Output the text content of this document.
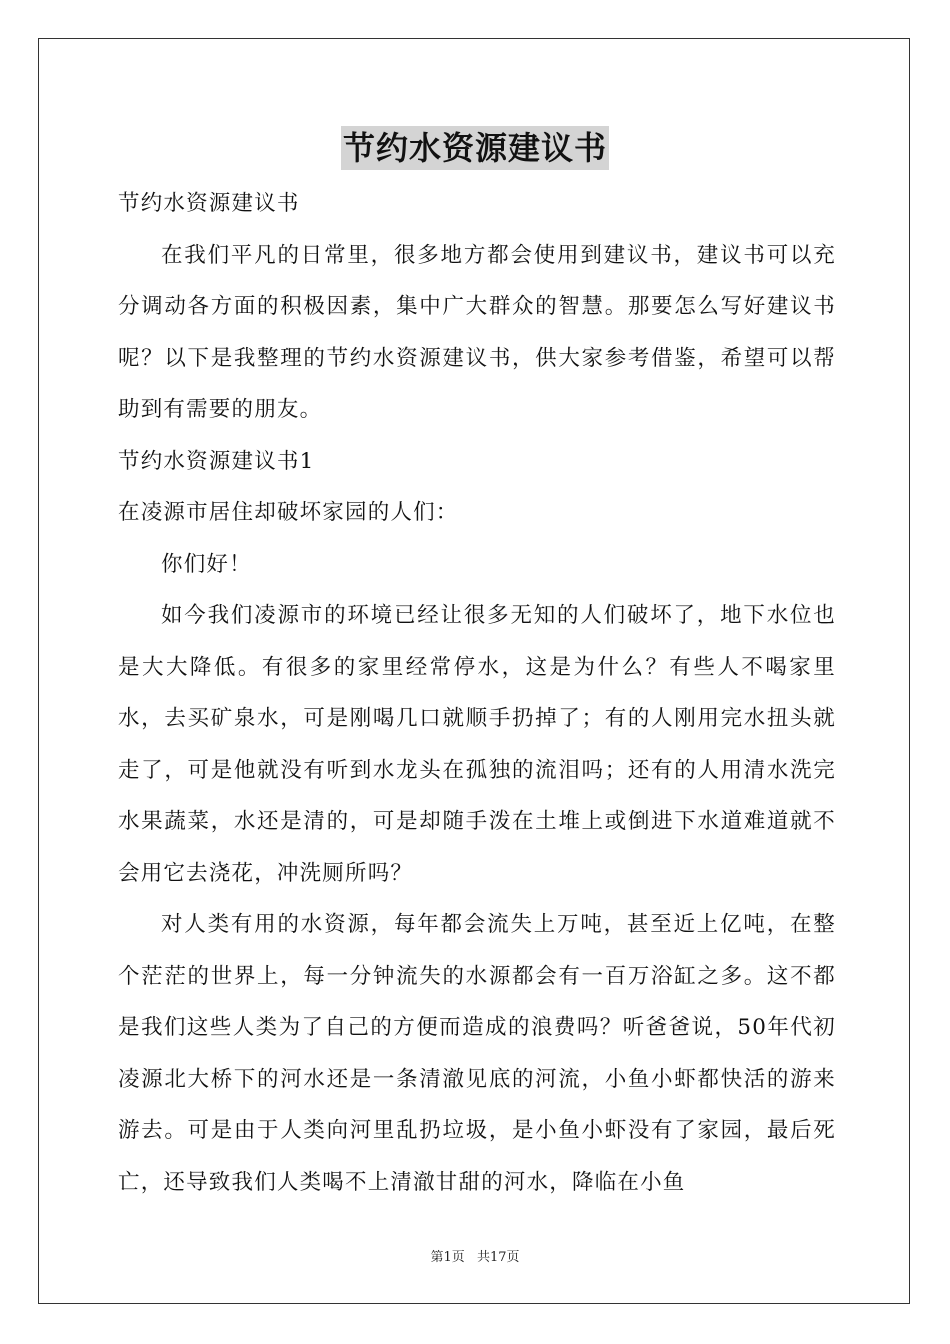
节约水资源建议书

节约水资源建议书

在我们平凡的日常里，很多地方都会使用到建议书，建议书可以充分调动各方面的积极因素，集中广大群众的智慧。那要怎么写好建议书呢？以下是我整理的节约水资源建议书，供大家参考借鉴，希望可以帮助到有需要的朋友。

节约水资源建议书1

在凌源市居住却破坏家园的人们：

你们好！

如今我们凌源市的环境已经让很多无知的人们破坏了，地下水位也是大大降低。有很多的家里经常停水，这是为什么？有些人不喝家里水，去买矿泉水，可是刚喝几口就顺手扔掉了；有的人刚用完水扭头就走了，可是他就没有听到水龙头在孤独的流泪吗；还有的人用清水洗完水果蔬菜，水还是清的，可是却随手泼在土堆上或倒进下水道难道就不会用它去浇花，冲洗厕所吗？

对人类有用的水资源，每年都会流失上万吨，甚至近上亿吨，在整个茫茫的世界上，每一分钟流失的水源都会有一百万浴缸之多。这不都是我们这些人类为了自己的方便而造成的浪费吗？听爸爸说，50年代初凌源北大桥下的河水还是一条清澈见底的河流，小鱼小虾都快活的游来游去。可是由于人类向河里乱扔垃圾，是小鱼小虾没有了家园，最后死亡，还导致我们人类喝不上清澈甘甜的河水，降临在小鱼

第1页 共17页
